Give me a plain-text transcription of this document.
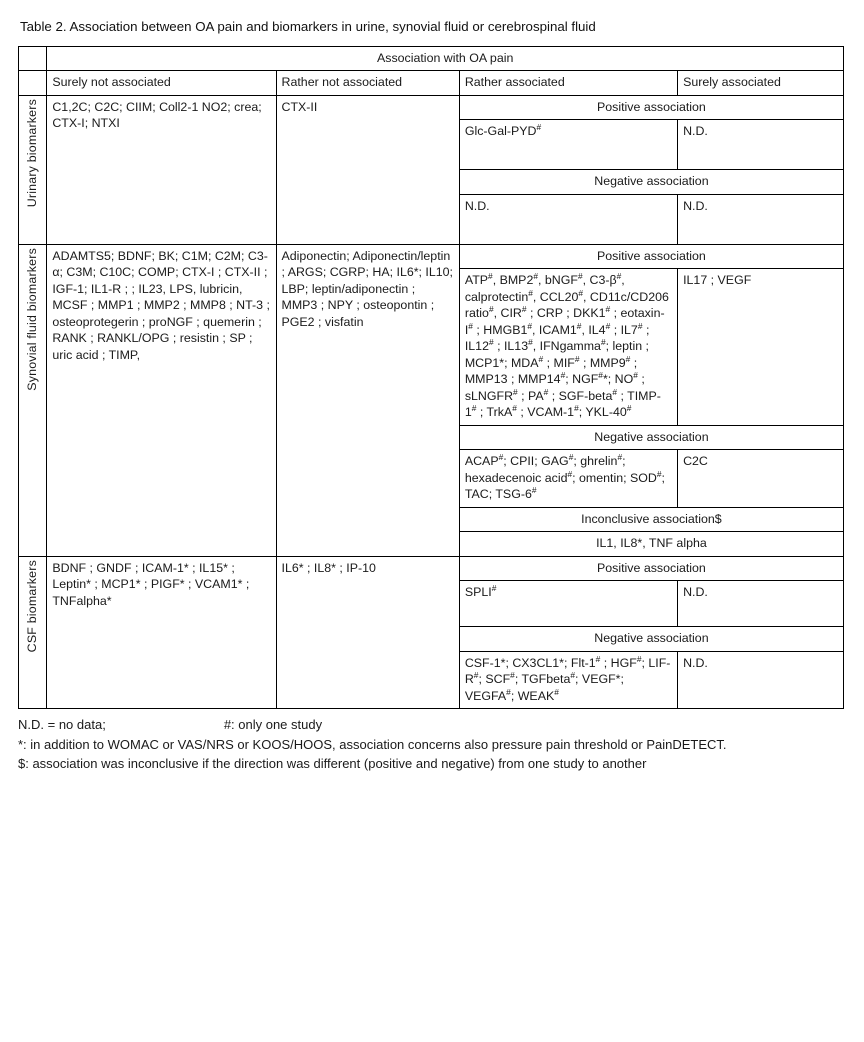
Table 2. Association between OA pain and biomarkers in urine, synovial fluid or cerebrospinal fluid
	Association with OA pain			
	Surely not associated	Rather not associated	Rather associated	Surely associated
Urinary biomarkers	C1,2C; C2C; CIIM; Coll2-1 NO2; crea; CTX-I; NTXI	CTX-II	Positive association	
			Glc-Gal-PYD#	N.D.
			Negative association	
			N.D.	N.D.
Synovial fluid biomarkers	ADAMTS5; BDNF; BK; C1M; C2M; C3-α; C3M; C10C; COMP; CTX-I ; CTX-II ; IGF-1; IL1-R ; ; IL23, LPS, lubricin, MCSF ; MMP1 ; MMP2 ; MMP8 ; NT-3 ; osteoprotegerin ; proNGF ; quemerin ; RANK ; RANKL/OPG ; resistin ; SP ; uric acid ; TIMP,	Adiponectin; Adiponectin/leptin ; ARGS; CGRP; HA; IL6*; IL10; LBP; leptin/adiponectin ; MMP3 ; NPY ; osteopontin ; PGE2 ; visfatin	Positive association	
			ATP#, BMP2#, bNGF#, C3-β#, calprotectin#, CCL20#, CD11c/CD206 ratio#, CIR# ; CRP ; DKK1# ; eotaxin-I# ; HMGB1#, ICAM1#, IL4# ; IL7# ; IL12# ; IL13#, IFNgamma#; leptin ; MCP1*; MDA# ; MIF# ; MMP9# ; MMP13 ; MMP14#; NGF#*; NO# ; sLNGFR# ; PA# ; SGF-beta# ; TIMP-1# ; TrkA# ; VCAM-1#; YKL-40#	IL17 ; VEGF
			Negative association	
			ACAP#; CPII; GAG#; ghrelin#; hexadecenoic acid#; omentin; SOD#; TAC; TSG-6#	C2C
			Inconclusive association$	
			IL1, IL8*, TNF alpha	
CSF biomarkers	BDNF ; GNDF ; ICAM-1* ; IL15* ; Leptin* ; MCP1* ; PIGF* ; VCAM1* ; TNFalpha*	IL6* ; IL8* ; IP-10	Positive association	
			SPLI#	N.D.
			Negative association	
			CSF-1*; CX3CL1*; Flt-1# ; HGF#; LIF-R#; SCF#; TGFbeta#; VEGF*; VEGFA#; WEAK#	N.D.
N.D. = no data;	#: only one study

*: in addition to WOMAC or VAS/NRS or KOOS/HOOS, association concerns also pressure pain threshold or PainDETECT.

$: association was inconclusive if the direction was different (positive and negative) from one study to another
